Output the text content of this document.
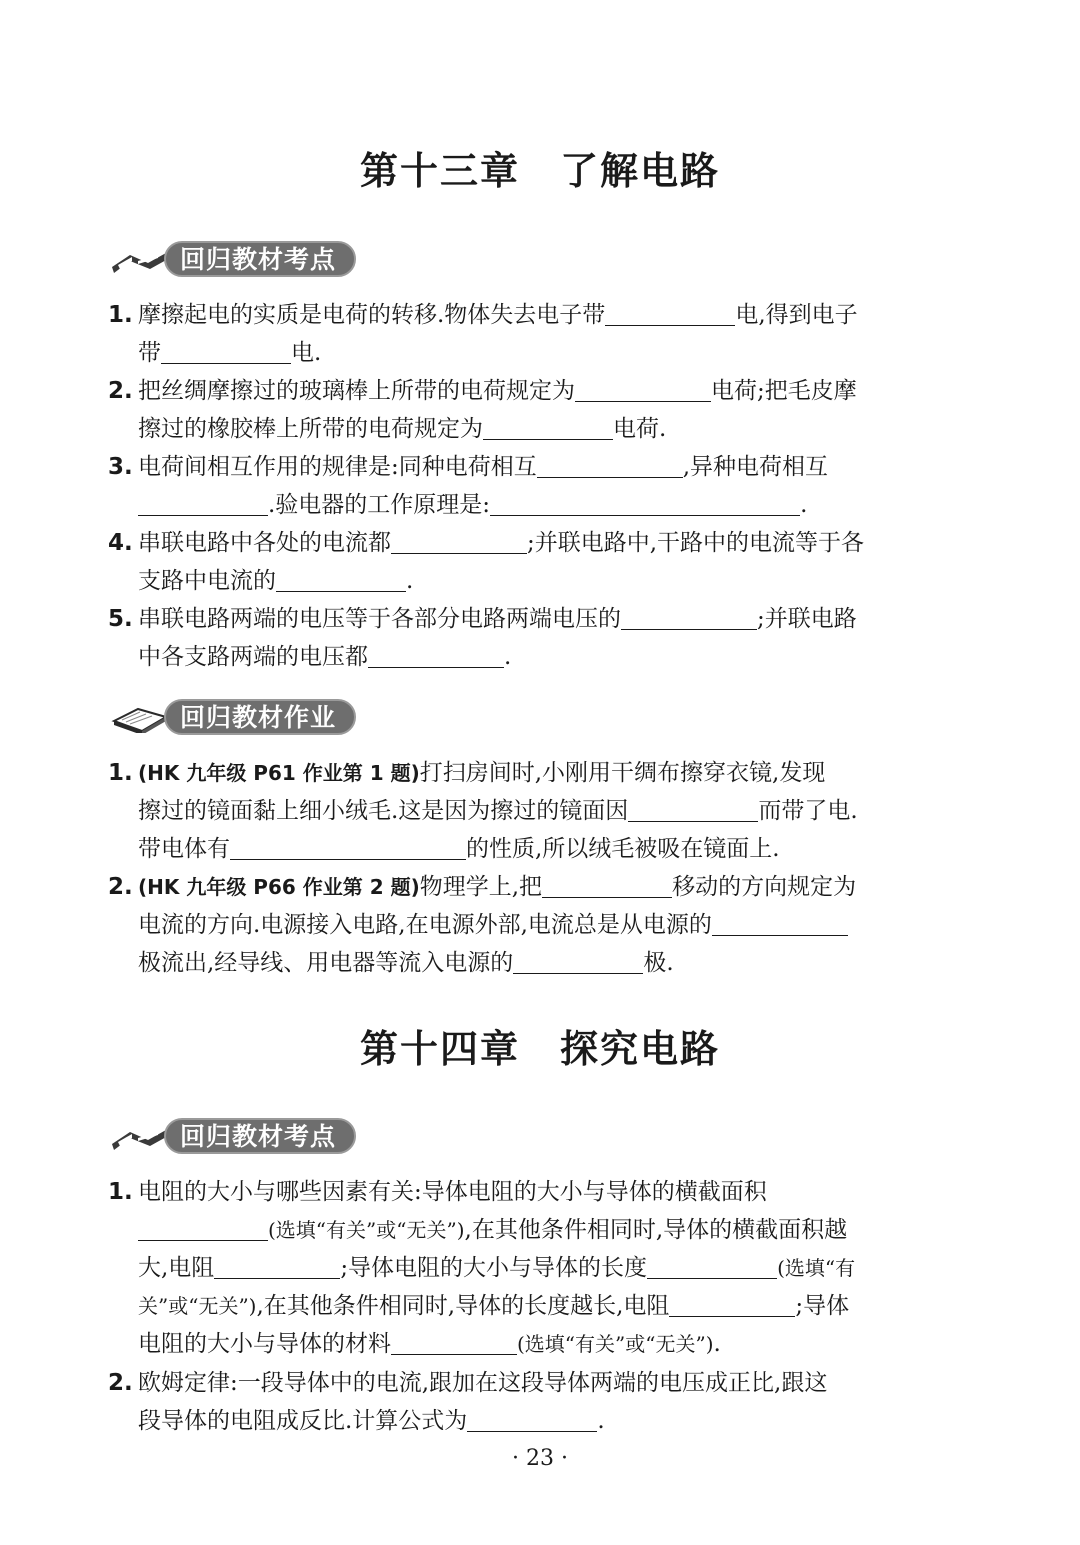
第十三章 了解电路
回归教材考点
1. 摩擦起电的实质是电荷的转移.物体失去电子带	电,得到电子
带	电.
2. 把丝绸摩擦过的玻璃棒上所带的电荷规定为	电荷;把毛皮摩
擦过的橡胶棒上所带的电荷规定为	电荷.
3. 电荷间相互作用的规律是:同种电荷相互	,异种电荷相互
.验电器的工作原理是:	.
4. 串联电路中各处的电流都	;并联电路中,干路中的电流等于各
支路中电流的	.
5. 串联电路两端的电压等于各部分电路两端电压的	;并联电路
中各支路两端的电压都	.
回归教材作业
1. (HK 九年级 P61 作业第 1 题)打扫房间时,小刚用干绸布擦穿衣镜,发现
擦过的镜面黏上细小绒毛.这是因为擦过的镜面因	而带了电.
带电体有	的性质,所以绒毛被吸在镜面上.
2. (HK 九年级 P66 作业第 2 题)物理学上,把	移动的方向规定为
电流的方向.电源接入电路,在电源外部,电流总是从电源的
极流出,经导线、用电器等流入电源的	极.
第十四章 探究电路
回归教材考点
1. 电阻的大小与哪些因素有关:导体电阻的大小与导体的横截面积
(选填“有关”或“无关”),在其他条件相同时,导体的横截面积越
大,电阻	;导体电阻的大小与导体的长度	(选填“有
关”或“无关”),在其他条件相同时,导体的长度越长,电阻	;导体
电阻的大小与导体的材料	(选填“有关”或“无关”).
2. 欧姆定律:一段导体中的电流,跟加在这段导体两端的电压成正比,跟这
段导体的电阻成反比.计算公式为	.
· 23 ·
